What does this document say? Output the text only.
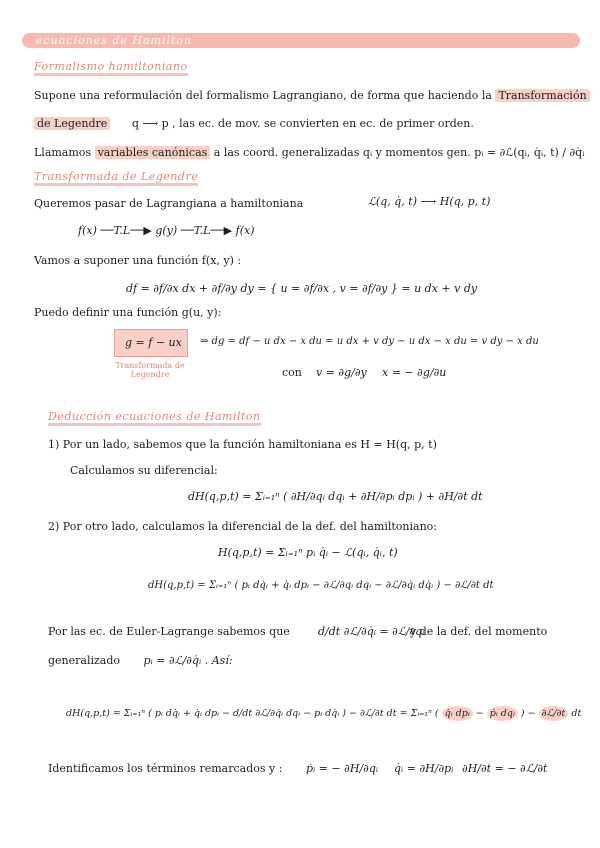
ecuaciones de Hamilton
Formalismo hamiltoniano
Supone una reformulación del formalismo Lagrangiano, de forma que haciendo la Transformación
de Legendre q ⟶ p , las ec. de mov. se convierten en ec. de primer orden.
Llamamos variables canónicas a las coord. generalizadas qᵢ y momentos gen. pᵢ = ∂ℒ(qᵢ, q̇ᵢ, t) / ∂q̇ᵢ
Transformada de Legendre
Queremos pasar de Lagrangiana a hamiltoniana	ℒ(q, q̇, t) ⟶ H(q, p, t)
f(x) ──T.L──▶ g(y) ──T.L──▶ f(x)
Vamos a suponer una función f(x, y) :
df = ∂f/∂x dx + ∂f/∂y dy = { u = ∂f/∂x , v = ∂f/∂y } = u dx + v dy
Puedo definir una función g(u, y):
g = f − ux
Transformada de
Legendre
⇒ dg = df − u dx − x du = u dx + v dy − u dx − x du = v dy − x du
con v = ∂g/∂y x = − ∂g/∂u
Deducción ecuaciones de Hamilton
1) Por un lado, sabemos que la función hamiltoniana es H = H(q, p, t)
Calculamos su diferencial:
dH(q,p,t) = Σᵢ₌₁ⁿ ( ∂H/∂qᵢ dqᵢ + ∂H/∂pᵢ dpᵢ ) + ∂H/∂t dt
2) Por otro lado, calculamos la diferencial de la def. del hamiltoniano:
H(q,p,t) = Σᵢ₌₁ⁿ pᵢ q̇ᵢ − ℒ(qᵢ, q̇ᵢ, t)
dH(q,p,t) = Σᵢ₌₁ⁿ ( pᵢ dq̇ᵢ + q̇ᵢ dpᵢ − ∂ℒ/∂qᵢ dqᵢ − ∂ℒ/∂q̇ᵢ dq̇ᵢ ) − ∂ℒ/∂t dt
Por las ec. de Euler-Lagrange sabemos que	d/dt ∂ℒ/∂q̇ᵢ = ∂ℒ/∂qᵢ
y de la def. del momento
generalizado pᵢ = ∂ℒ/∂q̇ᵢ . Así:
dH(q,p,t) = Σᵢ₌₁ⁿ ( pᵢ dq̇ᵢ + q̇ᵢ dpᵢ − d/dt ∂ℒ/∂q̇ᵢ dqᵢ − pᵢ dq̇ᵢ ) − ∂ℒ/∂t dt = Σᵢ₌₁ⁿ ( q̇ᵢ dpᵢ − ṗᵢ dqᵢ ) − ∂ℒ/∂t dt
Identificamos los términos remarcados y : ṗᵢ = − ∂H/∂qᵢ q̇ᵢ = ∂H/∂pᵢ ∂H/∂t = − ∂ℒ/∂t
